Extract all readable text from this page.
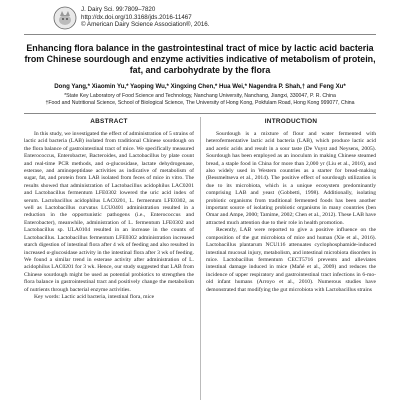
J. Dairy Sci. 99:7809–7820
http://dx.doi.org/10.3168/jds.2016-11467
© American Dairy Science Association®, 2016.
Enhancing flora balance in the gastrointestinal tract of mice by lactic acid bacteria from Chinese sourdough and enzyme activities indicative of metabolism of protein, fat, and carbohydrate by the flora
Dong Yang,* Xiaomin Yu,* Yaoping Wu,* Xingxing Chen,* Hua Wei,* Nagendra P. Shah,† and Feng Xu*
*State Key Laboratory of Food Science and Technology, Nanchang University, Nanchang, Jiangxi, 330047, P. R. China
†Food and Nutritional Science, School of Biological Science, The University of Hong Kong, Pokfulam Road, Hong Kong 999077, China
ABSTRACT

In this study, we investigated the effect of administration of 5 strains of lactic acid bacteria (LAB) isolated from traditional Chinese sourdough on the flora balance of gastrointestinal tract of mice. We specifically measured Enterococcus, Enterobacter, Bacteroides, and Lactobacillus by plate count and real-time PCR methods, and α-glucosidase, lactate dehydrogenase, esterase, and aminopeptidase activities as indicative of metabolism of sugar, fat, and protein from LAB isolated from feces of mice in vitro. The results showed that administration of Lactobacillus acidophilus LAC0201 and Lactobacillus fermentum LFE0302 lowered the uric acid index of serum. Lactobacillus acidophilus LAC0201, L. fermentum LFE0302, as well as Lactobacillus curvatus LCU0401 administration resulted in a reduction in the opportunistic pathogens (i.e., Enterococcus and Enterobacter), meanwhile, administration of L. fermentum LFE0302 and Lactobacillus sp. ULA0104 resulted in an increase in the counts of Lactobacillus. Lactobacillus fermentum LFE0302 administration increased starch digestion of intestinal flora after 4 wk of feeding and also resulted in increased α-glucosidase activity in the intestinal flora after 3 wk of feeding. We found a similar trend in esterase activity after administration of L. acidophilus LAC0201 for 3 wk. Hence, our study suggested that LAB from Chinese sourdough might be used as potential probiotics to strengthen the flora balance in gastrointestinal tract and positively change the metabolism of nutrients through bacterial enzyme activities.

Key words: Lactic acid bacteria, intestinal flora, mice

INTRODUCTION

Sourdough is a mixture of flour and water fermented with heterofermentative lactic acid bacteria (LAB), which produce lactic acid and acetic acids and result in a sour taste (De Vuyst and Neysens, 2005). Sourdough has been employed as an inoculum in making Chinese steamed bread, a staple food in China for more than 2,000 yr (Liu et al., 2016), and also widely used in Western countries as a starter for bread-making (Bessmeltseva et al., 2014). The positive effect of sourdough utilization is due to its microbiota, which is a unique ecosystem predominantly comprising LAB and yeast (Gobbetti, 1998). Additionally, isolating probiotic organisms from traditional fermented foods has been another important source of isolating probiotic organisms in many countries (ben Omar and Ampe, 2000; Tamime, 2002; Chen et al., 2012). These LAB have attracted much attention due to their role in health promotion.

Recently, LAB were reported to give a positive influence on the composition of the gut microbiota of mice and human (Xie et al., 2016). Lactobacillus plantarum NCU116 attenuates cyclophosphamide-induced intestinal mucosal injury, metabolism, and intestinal microbiota disorders in mice. Lactobacillus fermentum CECT5716 prevents and alleviates intestinal damage induced in mice (Mañé et al., 2009) and reduces the incidence of upper respiratory and gastrointestinal tract infections in 6-mo-old infant humans (Arroyo et al., 2010). Numerous studies have demonstrated that modifying the gut microbiota with Lactobacillus strains
